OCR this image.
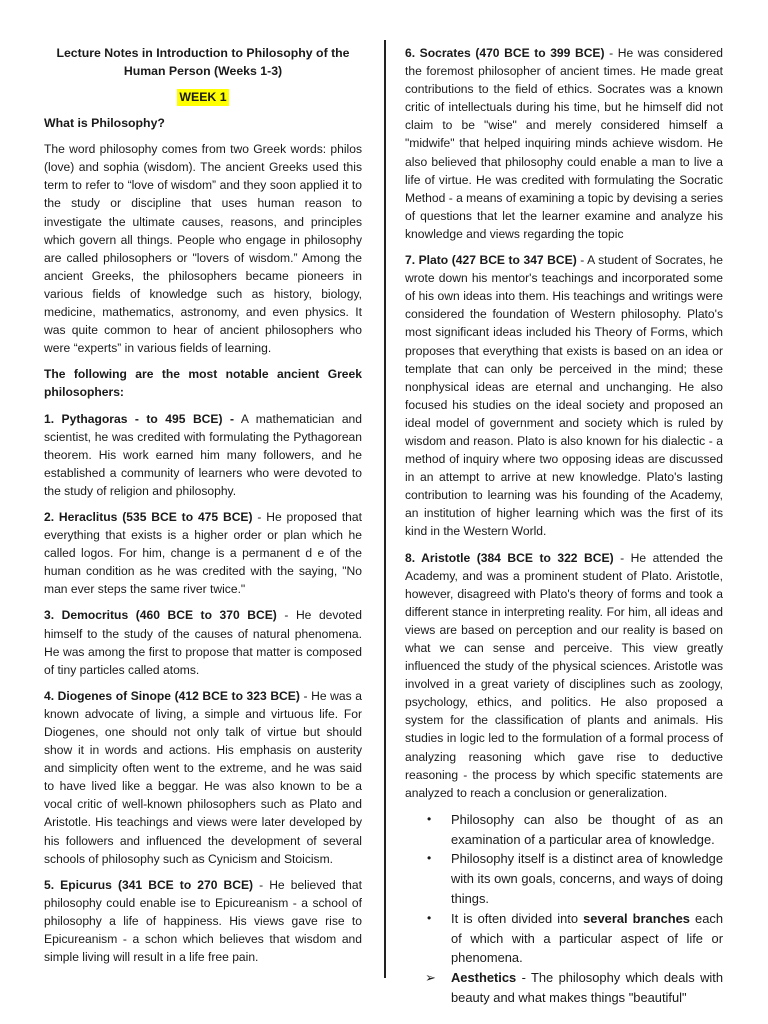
Lecture Notes in Introduction to Philosophy of the Human Person (Weeks 1-3)
WEEK 1
What is Philosophy?

The word philosophy comes from two Greek words: philos (love) and sophia (wisdom). The ancient Greeks used this term to refer to “love of wisdom” and they soon applied it to the study or discipline that uses human reason to investigate the ultimate causes, reasons, and principles which govern all things. People who engage in philosophy are called philosophers or "lovers of wisdom.” Among the ancient Greeks, the philosophers became pioneers in various fields of knowledge such as history, biology, medicine, mathematics, astronomy, and even physics. It was quite common to hear of ancient philosophers who were “experts” in various fields of learning.

The following are the most notable ancient Greek philosophers:

1. Pythagoras - to 495 BCE) - A mathematician and scientist, he was credited with formulating the Pythagorean theorem. His work earned him many followers, and he established a community of learners who were devoted to the study of religion and philosophy.

2. Heraclitus (535 BCE to 475 BCE) - He proposed that everything that exists is a higher order or plan which he called logos. For him, change is a permanent d e of the human condition as he was credited with the saying, "No man ever steps the same river twice."

3. Democritus (460 BCE to 370 BCE) - He devoted himself to the study of the causes of natural phenomena. He was among the first to propose that matter is composed of tiny particles called atoms.

4. Diogenes of Sinope (412 BCE to 323 BCE) - He was a known advocate of living, a simple and virtuous life. For Diogenes, one should not only talk of virtue but should show it in words and actions. His emphasis on austerity and simplicity often went to the extreme, and he was said to have lived like a beggar. He was also known to be a vocal critic of well-known philosophers such as Plato and Aristotle. His teachings and views were later developed by his followers and influenced the development of several schools of philosophy such as Cynicism and Stoicism.

5. Epicurus (341 BCE to 270 BCE) - He believed that philosophy could enable ise to Epicureanism - a school of philosophy a life of happiness. His views gave rise to Epicureanism - a schon which believes that wisdom and simple living will result in a life free pain.

6. Socrates (470 BCE to 399 BCE) - He was considered the foremost philosopher of ancient times. He made great contributions to the field of ethics. Socrates was a known critic of intellectuals during his time, but he himself did not claim to be "wise" and merely considered himself a "midwife" that helped inquiring minds achieve wisdom. He also believed that philosophy could enable a man to live a life of virtue. He was credited with formulating the Socratic Method - a means of examining a topic by devising a series of questions that let the learner examine and analyze his knowledge and views regarding the topic

7. Plato (427 BCE to 347 BCE) - A student of Socrates, he wrote down his mentor's teachings and incorporated some of his own ideas into them. His teachings and writings were considered the foundation of Western philosophy. Plato's most significant ideas included his Theory of Forms, which proposes that everything that exists is based on an idea or template that can only be perceived in the mind; these nonphysical ideas are eternal and unchanging. He also focused his studies on the ideal society and proposed an ideal model of government and society which is ruled by wisdom and reason. Plato is also known for his dialectic - a method of inquiry where two opposing ideas are discussed in an attempt to arrive at new knowledge. Plato's lasting contribution to learning was his founding of the Academy, an institution of higher learning which was the first of its kind in the Western World.

8. Aristotle (384 BCE to 322 BCE) - He attended the Academy, and was a prominent student of Plato. Aristotle, however, disagreed with Plato's theory of forms and took a different stance in interpreting reality. For him, all ideas and views are based on perception and our reality is based on what we can sense and perceive. This view greatly influenced the study of the physical sciences. Aristotle was involved in a great variety of disciplines such as zoology, psychology, ethics, and politics. He also proposed a system for the classification of plants and animals. His studies in logic led to the formulation of a formal process of analyzing reasoning which gave rise to deductive reasoning - the process by which specific statements are analyzed to reach a conclusion or generalization.

• Philosophy can also be thought of as an examination of a particular area of knowledge.
• Philosophy itself is a distinct area of knowledge with its own goals, concerns, and ways of doing things.
• It is often divided into several branches each of which with a particular aspect of life or phenomena.
➢ Aesthetics - The philosophy which deals with beauty and what makes things "beautiful"
